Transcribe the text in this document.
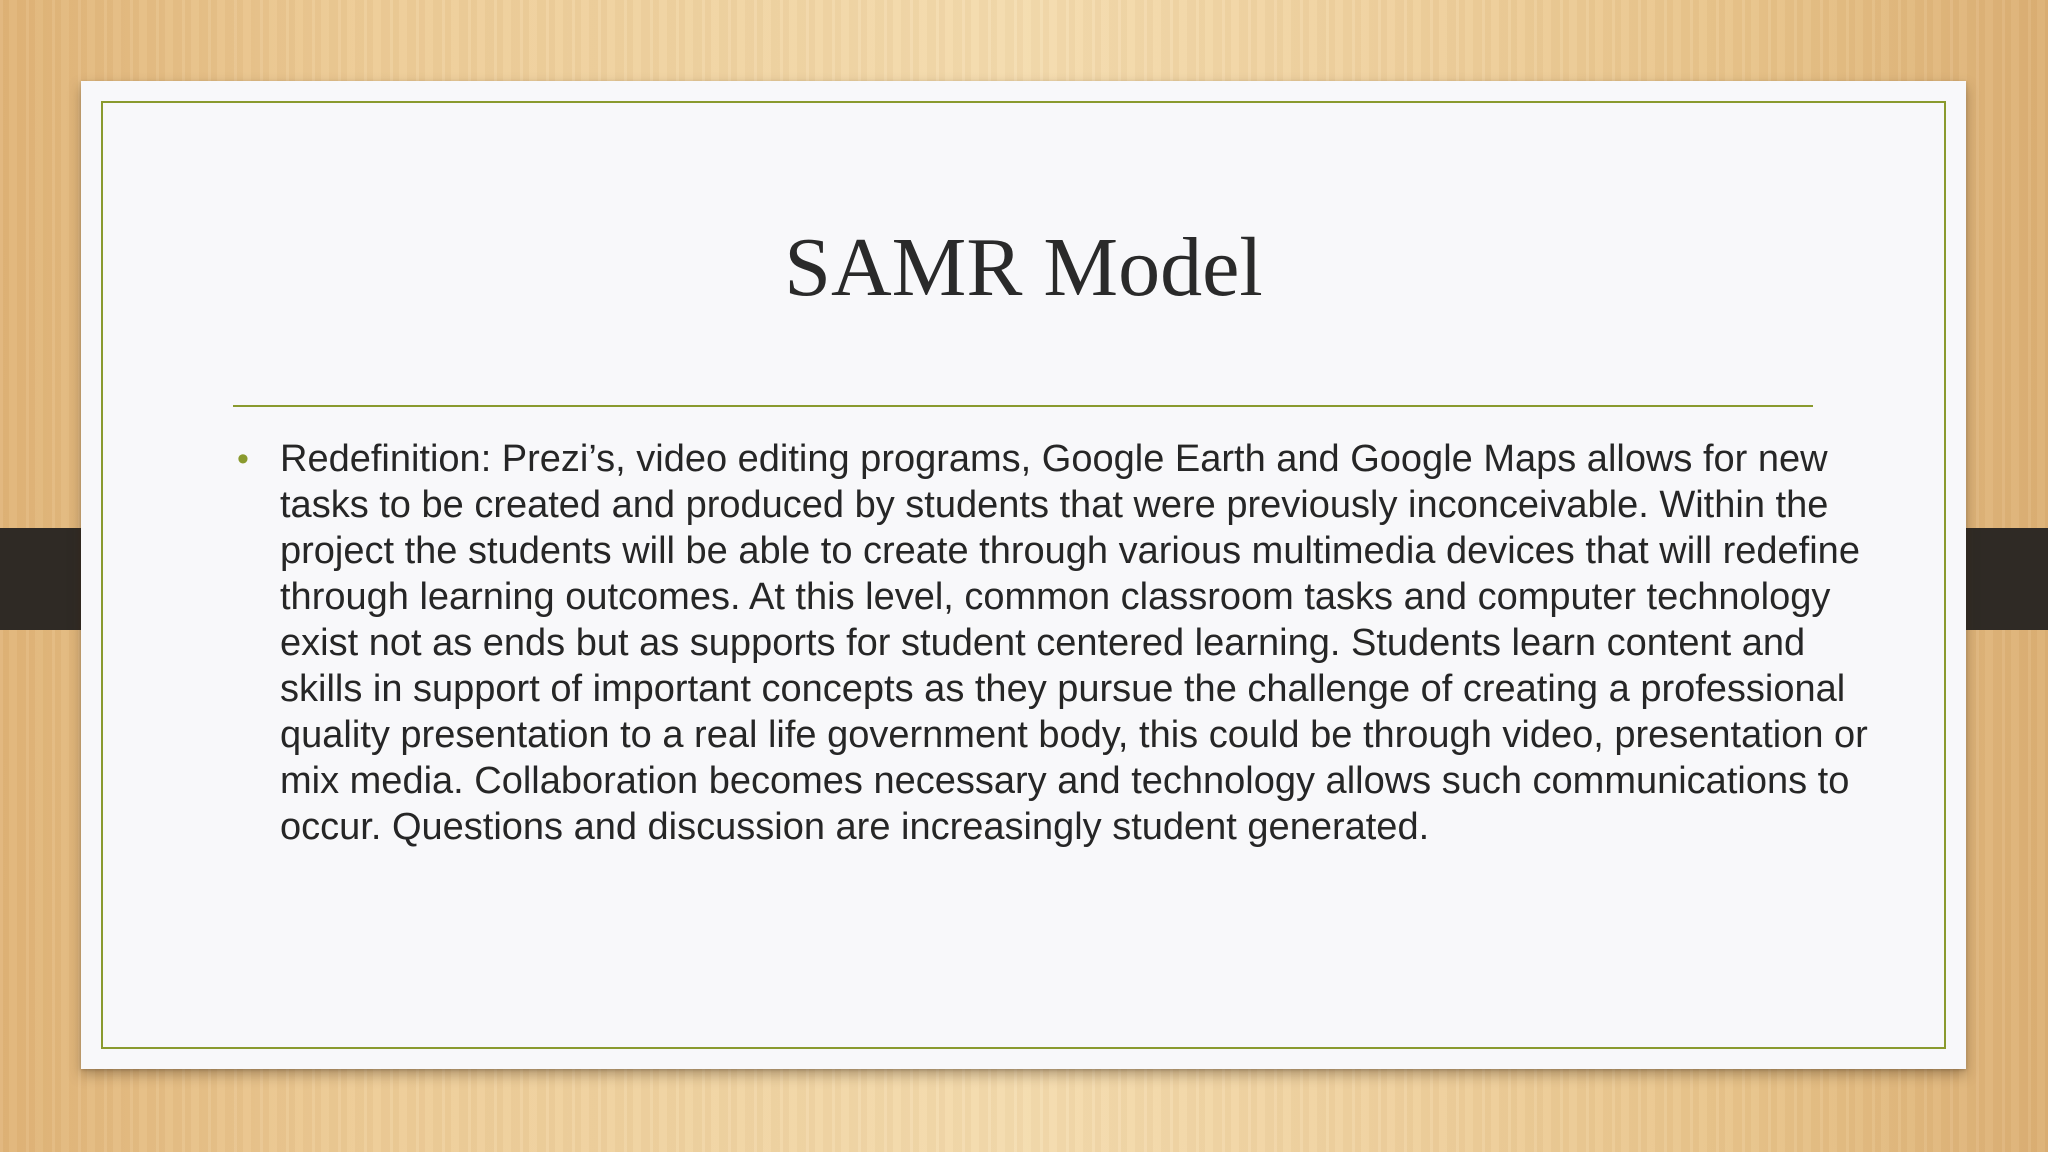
SAMR Model
• Redefinition: Prezi’s, video editing programs, Google Earth and Google Maps allows for new tasks to be created and produced by students that were previously inconceivable. Within the project the students will be able to create through various multimedia devices that will redefine through learning outcomes. At this level, common classroom tasks and computer technology exist not as ends but as supports for student centered learning. Students learn content and skills in support of important concepts as they pursue the challenge of creating a professional quality presentation to a real life government body, this could be through video, presentation or mix media. Collaboration becomes necessary and technology allows such communications to occur. Questions and discussion are increasingly student generated.
